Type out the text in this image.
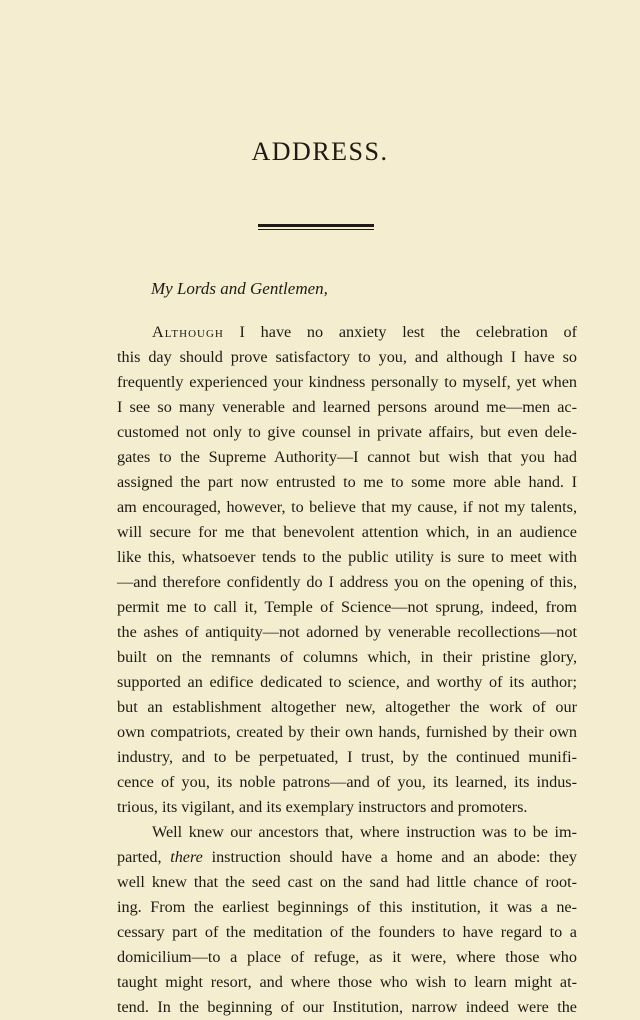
ADDRESS.
My Lords and Gentlemen,
Although I have no anxiety lest the celebration of
this day should prove satisfactory to you, and although I have so
frequently experienced your kindness personally to myself, yet when
I see so many venerable and learned persons around me—men ac-
customed not only to give counsel in private affairs, but even dele-
gates to the Supreme Authority—I cannot but wish that you had
assigned the part now entrusted to me to some more able hand. I
am encouraged, however, to believe that my cause, if not my talents,
will secure for me that benevolent attention which, in an audience
like this, whatsoever tends to the public utility is sure to meet with
—and therefore confidently do I address you on the opening of this,
permit me to call it, Temple of Science—not sprung, indeed, from
the ashes of antiquity—not adorned by venerable recollections—not
built on the remnants of columns which, in their pristine glory,
supported an edifice dedicated to science, and worthy of its author;
but an establishment altogether new, altogether the work of our
own compatriots, created by their own hands, furnished by their own
industry, and to be perpetuated, I trust, by the continued munifi-
cence of you, its noble patrons—and of you, its learned, its indus-
trious, its vigilant, and its exemplary instructors and promoters.
Well knew our ancestors that, where instruction was to be im-
parted, there instruction should have a home and an abode: they
well knew that the seed cast on the sand had little chance of root-
ing. From the earliest beginnings of this institution, it was a ne-
cessary part of the meditation of the founders to have regard to a
domicilium—to a place of refuge, as it were, where those who
taught might resort, and where those who wish to learn might at-
tend. In the beginning of our Institution, narrow indeed were the
